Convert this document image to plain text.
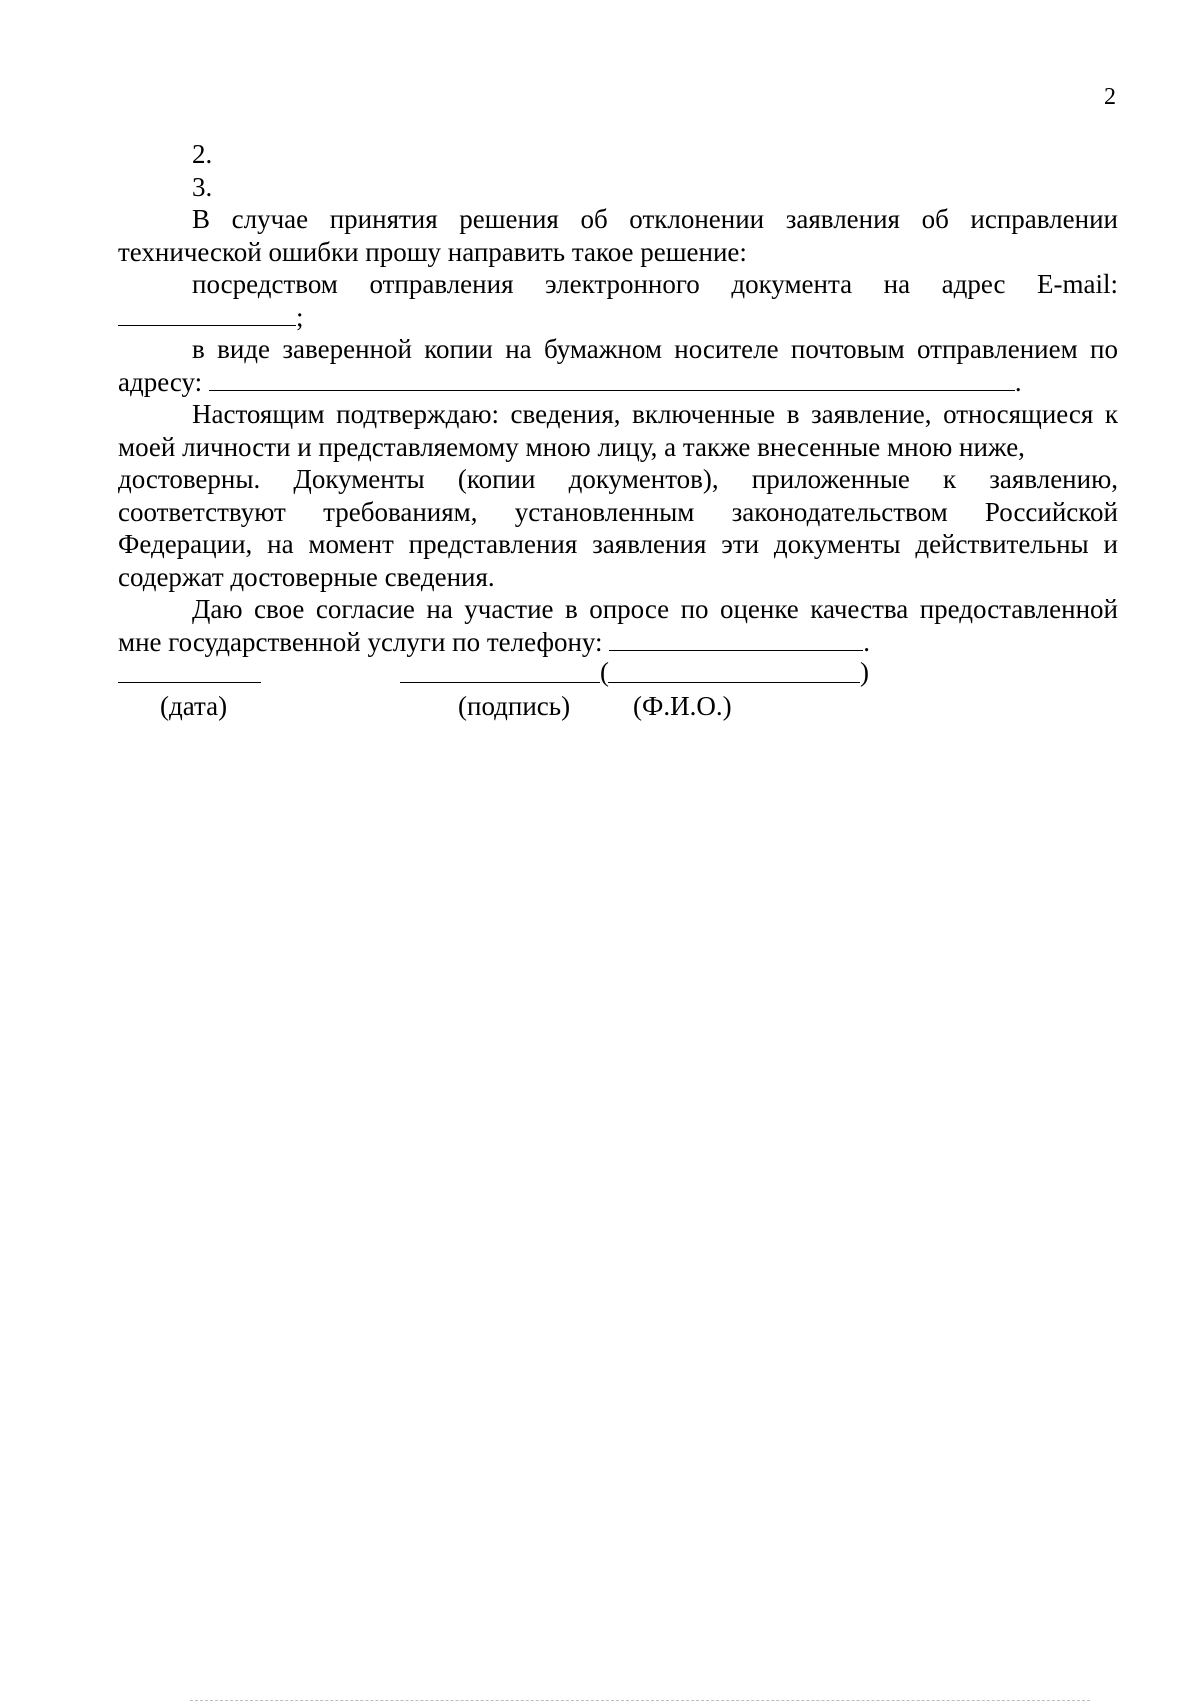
2
2.
3.
В случае принятия решения об отклонении заявления об исправлении
технической ошибки прошу направить такое решение:
посредством отправления электронного документа на адрес E-mail:
;
в виде заверенной копии на бумажном носителе почтовым отправлением по
адресу:	.
Настоящим подтверждаю: сведения, включенные в заявление, относящиеся к
моей личности и представляемому мною лицу, а также внесенные мною ниже,
достоверны. Документы (копии документов), приложенные к заявлению,
соответствуют требованиям, установленным законодательством Российской
Федерации, на момент представления заявления эти документы действительны и
содержат достоверные сведения.
Даю свое согласие на участие в опросе по оценке качества предоставленной
мне государственной услуги по телефону:	.
(	)
(дата)	(подпись) (Ф.И.О.)
